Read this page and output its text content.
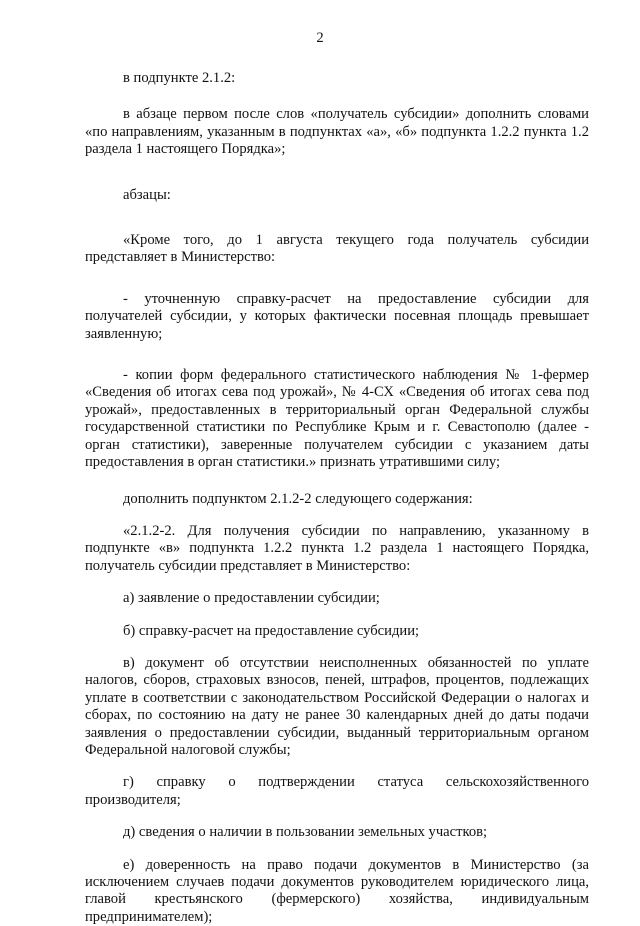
2

в подпункте 2.1.2:

в абзаце первом после слов «получатель субсидии» дополнить словами «по направлениям, указанным в подпунктах «а», «б» подпункта 1.2.2 пункта 1.2 раздела 1 настоящего Порядка»;

абзацы:

«Кроме того, до 1 августа текущего года получатель субсидии представляет в Министерство:

- уточненную справку-расчет на предоставление субсидии для получателей субсидии, у которых фактически посевная площадь превышает заявленную;

- копии форм федерального статистического наблюдения № 1-фермер «Сведения об итогах сева под урожай», № 4-СХ «Сведения об итогах сева под урожай», предоставленных в территориальный орган Федеральной службы государственной статистики по Республике Крым и г. Севастополю (далее - орган статистики), заверенные получателем субсидии с указанием даты предоставления в орган статистики.» признать утратившими силу;

дополнить подпунктом 2.1.2-2 следующего содержания:

«2.1.2-2. Для получения субсидии по направлению, указанному в подпункте «в» подпункта 1.2.2 пункта 1.2 раздела 1 настоящего Порядка, получатель субсидии представляет в Министерство:

а) заявление о предоставлении субсидии;

б) справку-расчет на предоставление субсидии;

в) документ об отсутствии неисполненных обязанностей по уплате налогов, сборов, страховых взносов, пеней, штрафов, процентов, подлежащих уплате в соответствии с законодательством Российской Федерации о налогах и сборах, по состоянию на дату не ранее 30 календарных дней до даты подачи заявления о предоставлении субсидии, выданный территориальным органом Федеральной налоговой службы;

г) справку о подтверждении статуса сельскохозяйственного производителя;

д) сведения о наличии в пользовании земельных участков;

е) доверенность на право подачи документов в Министерство (за исключением случаев подачи документов руководителем юридического лица, главой крестьянского (фермерского) хозяйства, индивидуальным предпринимателем);
